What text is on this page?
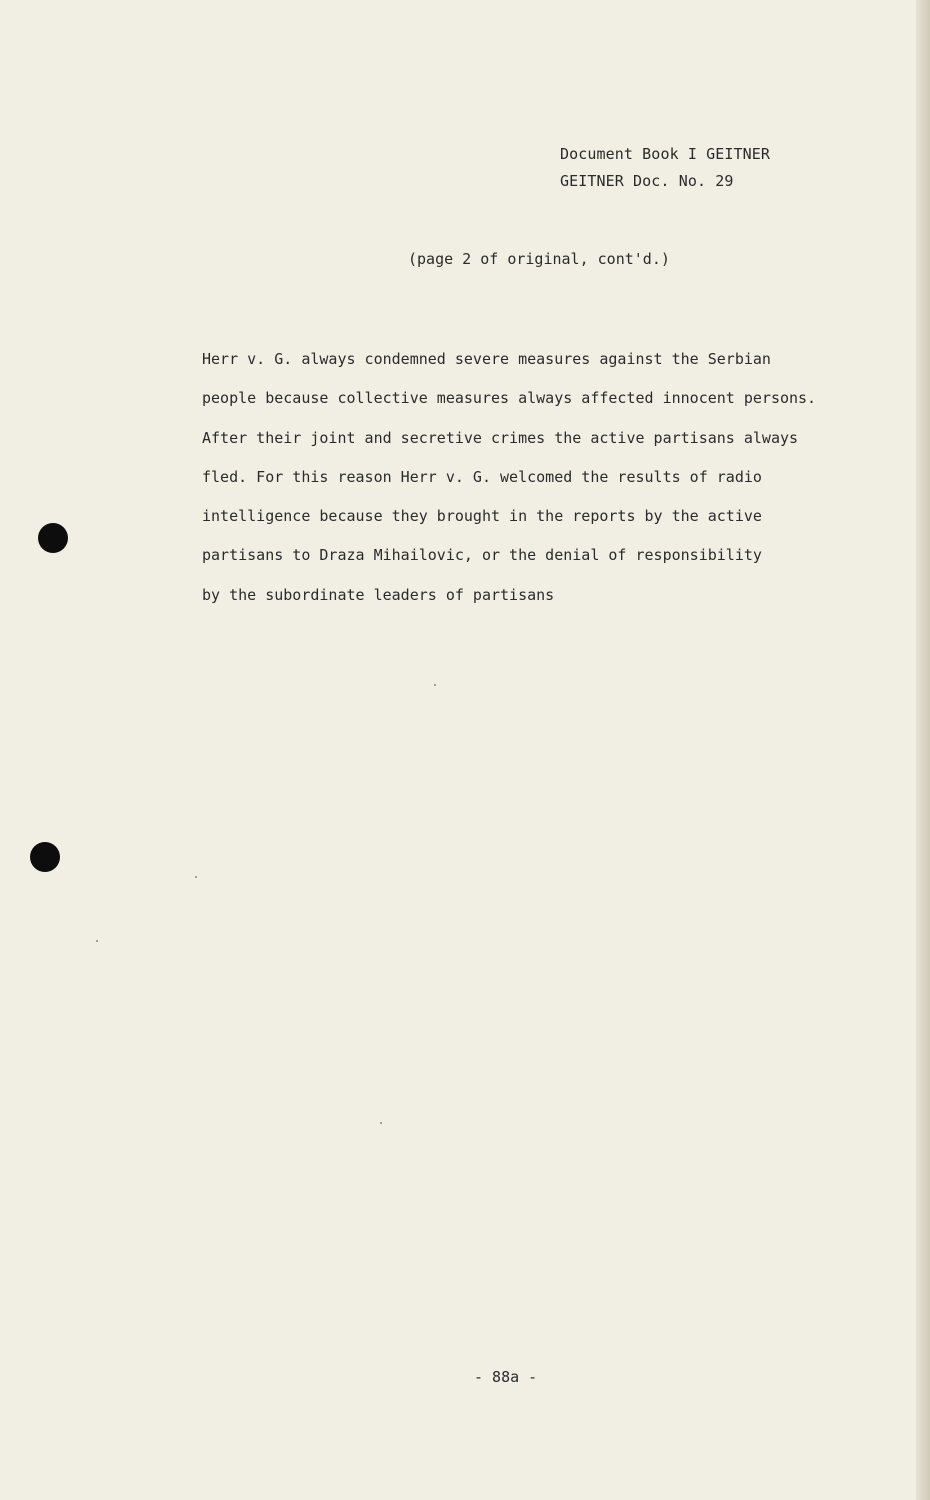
Document Book I GEITNER
GEITNER Doc. No. 29
(page 2 of original, cont'd.)
Herr v. G. always condemned severe measures against the Serbian
people because collective measures always affected innocent persons.
After their joint and secretive crimes the active partisans always
fled. For this reason Herr v. G. welcomed the results of radio
intelligence because they brought in the reports by the active
partisans to Draza Mihailovic, or the denial of responsibility
by the subordinate leaders of partisans
- 88a -
